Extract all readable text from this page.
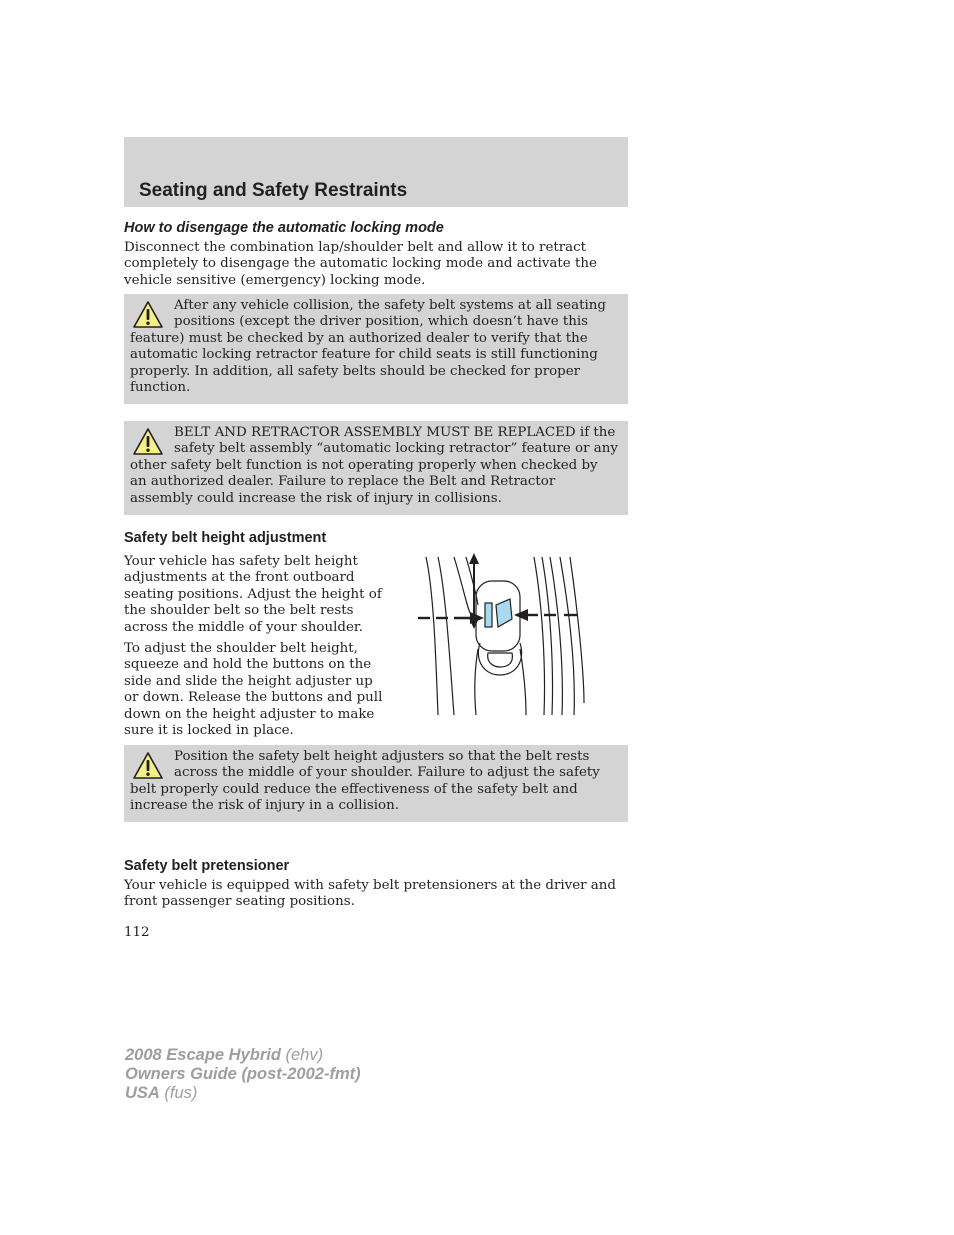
Seating and Safety Restraints
How to disengage the automatic locking mode

Disconnect the combination lap/shoulder belt and allow it to retract completely to disengage the automatic locking mode and activate the vehicle sensitive (emergency) locking mode.

After any vehicle collision, the safety belt systems at all seating positions (except the driver position, which doesn’t have this feature) must be checked by an authorized dealer to verify that the automatic locking retractor feature for child seats is still functioning properly. In addition, all safety belts should be checked for proper function.

BELT AND RETRACTOR ASSEMBLY MUST BE REPLACED if the safety belt assembly “automatic locking retractor” feature or any other safety belt function is not operating properly when checked by an authorized dealer. Failure to replace the Belt and Retractor assembly could increase the risk of injury in collisions.

Safety belt height adjustment

Your vehicle has safety belt height adjustments at the front outboard seating positions. Adjust the height of the shoulder belt so the belt rests across the middle of your shoulder.

To adjust the shoulder belt height, squeeze and hold the buttons on the side and slide the height adjuster up or down. Release the buttons and pull down on the height adjuster to make sure it is locked in place.

Position the safety belt height adjusters so that the belt rests across the middle of your shoulder. Failure to adjust the safety belt properly could reduce the effectiveness of the safety belt and increase the risk of injury in a collision.

Safety belt pretensioner

Your vehicle is equipped with safety belt pretensioners at the driver and front passenger seating positions.

112

2008 Escape Hybrid (ehv)
Owners Guide (post-2002-fmt)
USA (fus)
